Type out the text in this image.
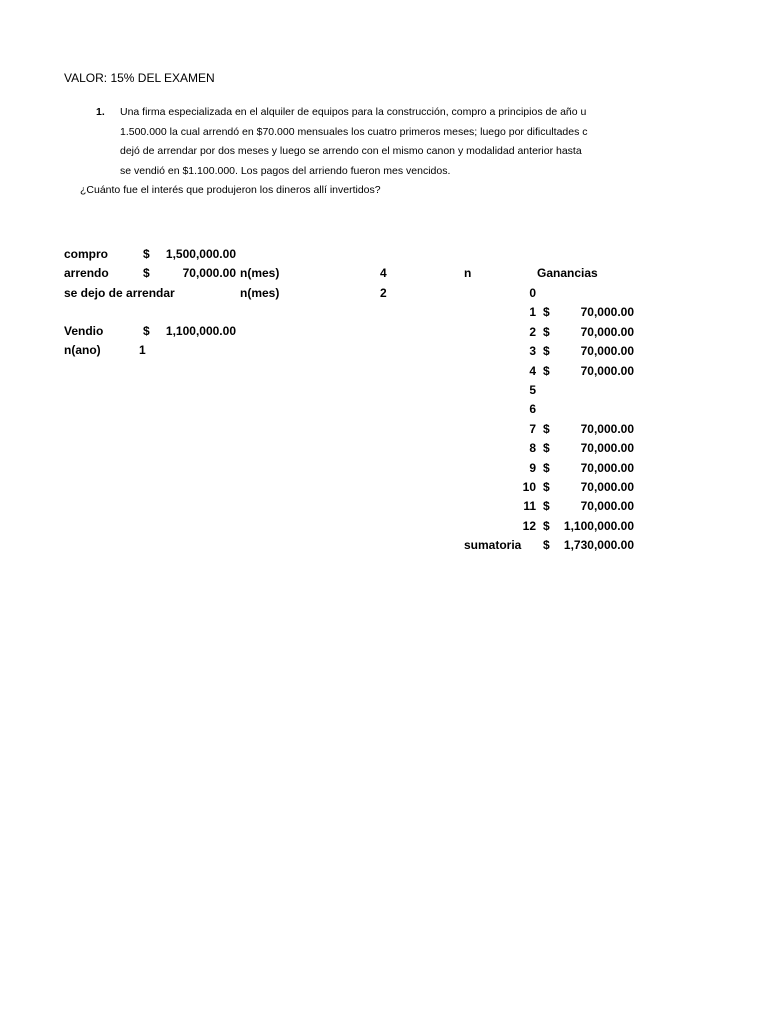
VALOR: 15% DEL EXAMEN
1. Una firma especializada en el alquiler de equipos para la construcción, compro a principios de año u
1.500.000 la cual arrendó en $70.000 mensuales los cuatro primeros meses; luego por dificultades c
dejó de arrendar por dos meses y luego se arrendo con el mismo canon y modalidad anterior hasta
se vendió en $1.100.000. Los pagos del arriendo fueron mes vencidos.
¿Cuánto fue el interés que produjeron los dineros allí invertidos?
compro	$	1,500,000.00
arrendo	$	70,000.00 n(mes)	4
se dejo de arrendar	n(mes)	2
Vendio	$	1,100,000.00
n(ano)	1
n	Ganancias
0
1 $	70,000.00
2 $	70,000.00
3 $	70,000.00
4 $	70,000.00
5
6
7 $	70,000.00
8 $	70,000.00
9 $	70,000.00
10 $	70,000.00
11 $	70,000.00
12 $	1,100,000.00
sumatoria $	1,730,000.00
